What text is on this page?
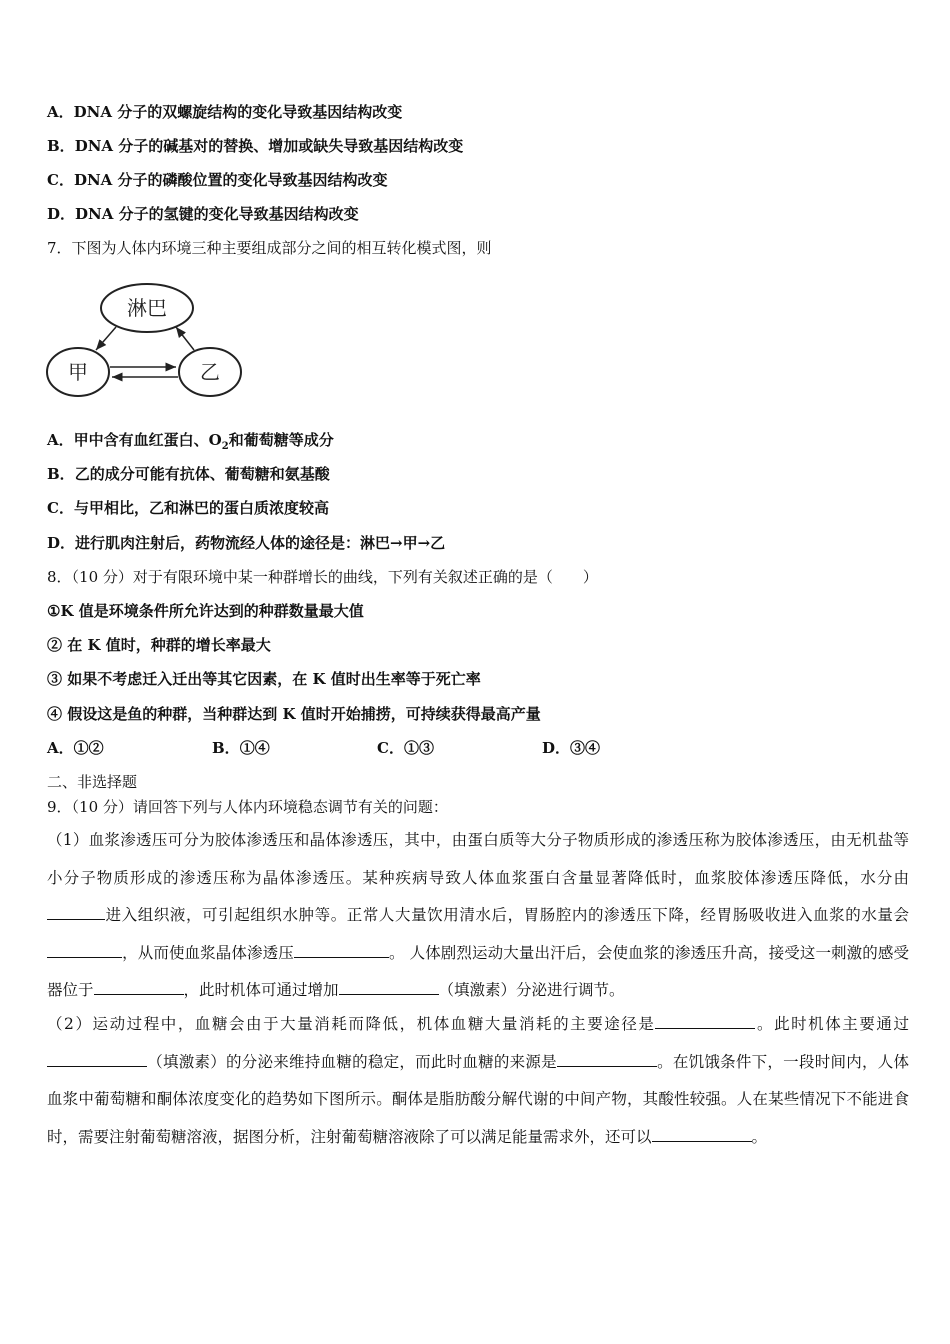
A．DNA 分子的双螺旋结构的变化导致基因结构改变
B．DNA 分子的碱基对的替换、增加或缺失导致基因结构改变
C．DNA 分子的磷酸位置的变化导致基因结构改变
D．DNA 分子的氢键的变化导致基因结构改变
7．下图为人体内环境三种主要组成部分之间的相互转化模式图，则
淋巴
甲	乙
A．甲中含有血红蛋白、$O_2$和葡萄糖等成分
B．乙的成分可能有抗体、葡萄糖和氨基酸
C．与甲相比，乙和淋巴的蛋白质浓度较高
D．进行肌肉注射后，药物流经人体的途径是：淋巴→甲→乙
8．（10 分）对于有限环境中某一种群增长的曲线，下列有关叙述正确的是（　　）
①K 值是环境条件所允许达到的种群数量最大值
② 在 K 值时，种群的增长率最大
③ 如果不考虑迁入迁出等其它因素，在 K 值时出生率等于死亡率
④ 假设这是鱼的种群，当种群达到 K 值时开始捕捞，可持续获得最高产量
A．①②	B．①④	C．①③	D．③④
二、非选择题
9．（10 分）请回答下列与人体内环境稳态调节有关的问题：
（1）血浆渗透压可分为胶体渗透压和晶体渗透压，其中，由蛋白质等大分子物质形成的渗透压称为胶体渗透压，由无机盐等小分子物质形成的渗透压称为晶体渗透压。某种疾病导致人体血浆蛋白含量显著降低时，血浆胶体渗透压降低，水分由进入组织液，可引起组织水肿等。正常人大量饮用清水后，胃肠腔内的渗透压下降，经胃肠吸收进入血浆的水量会，从而使血浆晶体渗透压	。 人体剧烈运动大量出汗后，会使血浆的渗透压升高，接受这一刺激的感受器位于	，此时机体可通过增加	（填激素）分泌进行调节。
（2）运动过程中，血糖会由于大量消耗而降低，机体血糖大量消耗的主要途径是	。此时机体主要通过（填激素）的分泌来维持血糖的稳定，而此时血糖的来源是	。在饥饿条件下，一段时间内，人体血浆中葡萄糖和酮体浓度变化的趋势如下图所示。酮体是脂肪酸分解代谢的中间产物，其酸性较强。人在某些情况下不能进食时，需要注射葡萄糖溶液，据图分析，注射葡萄糖溶液除了可以满足能量需求外，还可以	。
